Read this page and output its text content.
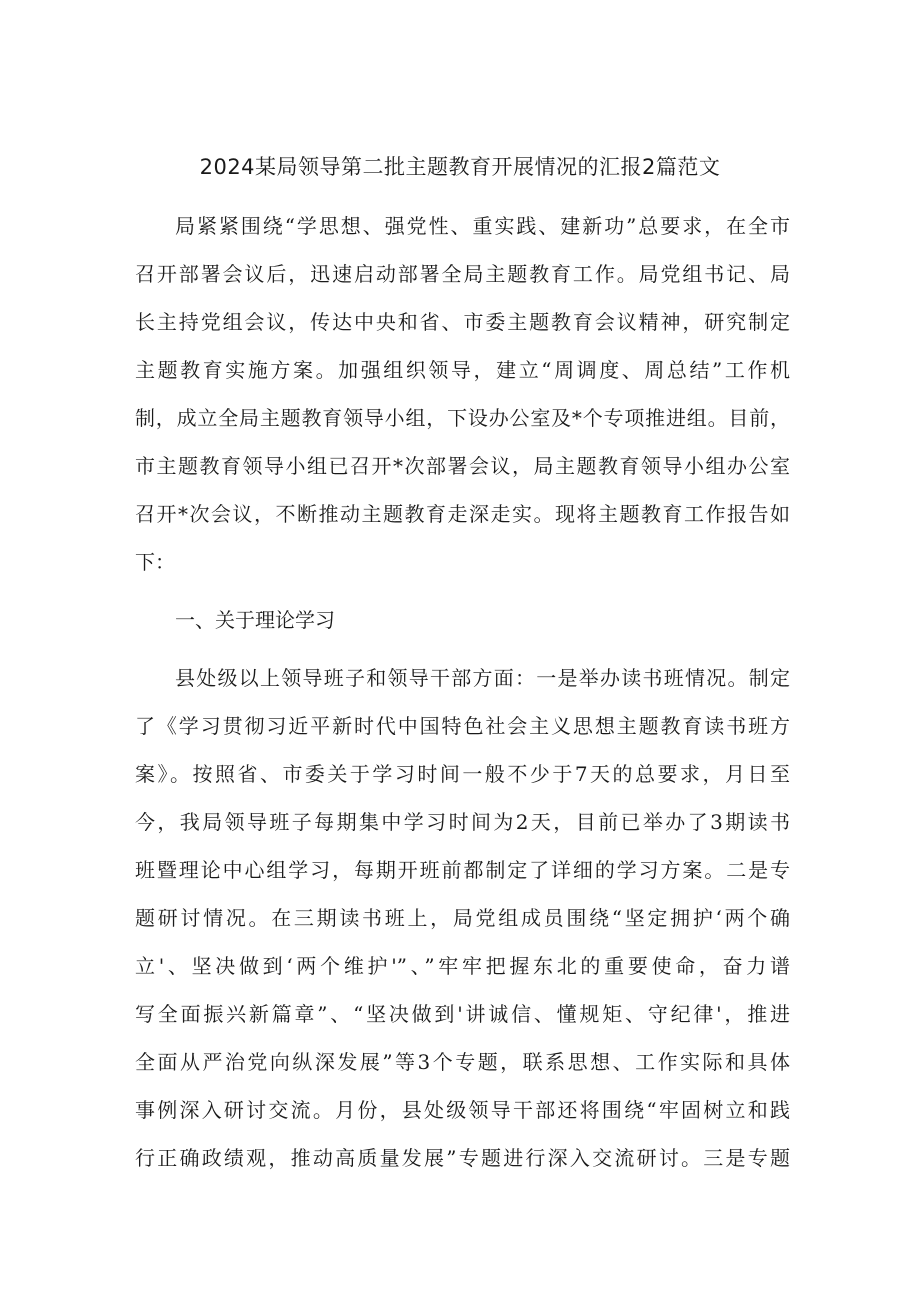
2024某局领导第二批主题教育开展情况的汇报2篇范文

局紧紧围绕“学思想、强党性、重实践、建新功”总要求，在全市

召开部署会议后，迅速启动部署全局主题教育工作。局党组书记、局

长主持党组会议，传达中央和省、市委主题教育会议精神，研究制定

主题教育实施方案。加强组织领导，建立“周调度、周总结”工作机

制，成立全局主题教育领导小组，下设办公室及*个专项推进组。目前，

市主题教育领导小组已召开*次部署会议，局主题教育领导小组办公室

召开*次会议，不断推动主题教育走深走实。现将主题教育工作报告如

下：

一、关于理论学习

县处级以上领导班子和领导干部方面：一是举办读书班情况。制定

了《学习贯彻习近平新时代中国特色社会主义思想主题教育读书班方

案》。按照省、市委关于学习时间一般不少于7天的总要求，月日至

今，我局领导班子每期集中学习时间为2天，目前已举办了3期读书

班暨理论中心组学习，每期开班前都制定了详细的学习方案。二是专

题研讨情况。在三期读书班上，局党组成员围绕“坚定拥护‘两个确

立'、坚决做到‘两个维护'”、”牢牢把握东北的重要使命，奋力谱

写全面振兴新篇章”、“坚决做到'讲诚信、懂规矩、守纪律'，推进

全面从严治党向纵深发展”等3个专题，联系思想、工作实际和具体

事例深入研讨交流。月份，县处级领导干部还将围绕“牢固树立和践

行正确政绩观，推动高质量发展”专题进行深入交流研讨。三是专题
